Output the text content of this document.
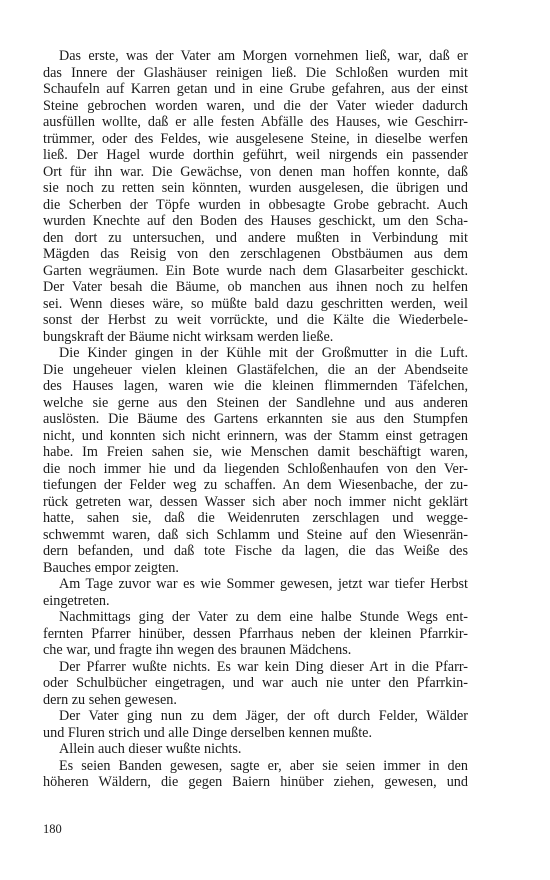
Das erste, was der Vater am Morgen vornehmen ließ, war, daß er
das Innere der Glashäuser reinigen ließ. Die Schloßen wurden mit
Schaufeln auf Karren getan und in eine Grube gefahren, aus der einst
Steine gebrochen worden waren, und die der Vater wieder dadurch
ausfüllen wollte, daß er alle festen Abfälle des Hauses, wie Geschirr-
trümmer, oder des Feldes, wie ausgelesene Steine, in dieselbe werfen
ließ. Der Hagel wurde dorthin geführt, weil nirgends ein passender
Ort für ihn war. Die Gewächse, von denen man hoffen konnte, daß
sie noch zu retten sein könnten, wurden ausgelesen, die übrigen und
die Scherben der Töpfe wurden in obbesagte Grobe gebracht. Auch
wurden Knechte auf den Boden des Hauses geschickt, um den Scha-
den dort zu untersuchen, und andere mußten in Verbindung mit
Mägden das Reisig von den zerschlagenen Obstbäumen aus dem
Garten wegräumen. Ein Bote wurde nach dem Glasarbeiter geschickt.
Der Vater besah die Bäume, ob manchen aus ihnen noch zu helfen
sei. Wenn dieses wäre, so müßte bald dazu geschritten werden, weil
sonst der Herbst zu weit vorrückte, und die Kälte die Wiederbele-
bungskraft der Bäume nicht wirksam werden ließe.
Die Kinder gingen in der Kühle mit der Großmutter in die Luft.
Die ungeheuer vielen kleinen Glastäfelchen, die an der Abendseite
des Hauses lagen, waren wie die kleinen flimmernden Täfelchen,
welche sie gerne aus den Steinen der Sandlehne und aus anderen
auslösten. Die Bäume des Gartens erkannten sie aus den Stumpfen
nicht, und konnten sich nicht erinnern, was der Stamm einst getragen
habe. Im Freien sahen sie, wie Menschen damit beschäftigt waren,
die noch immer hie und da liegenden Schloßenhaufen von den Ver-
tiefungen der Felder weg zu schaffen. An dem Wiesenbache, der zu-
rück getreten war, dessen Wasser sich aber noch immer nicht geklärt
hatte, sahen sie, daß die Weidenruten zerschlagen und wegge-
schwemmt waren, daß sich Schlamm und Steine auf den Wiesenrän-
dern befanden, und daß tote Fische da lagen, die das Weiße des
Bauches empor zeigten.
Am Tage zuvor war es wie Sommer gewesen, jetzt war tiefer Herbst
eingetreten.
Nachmittags ging der Vater zu dem eine halbe Stunde Wegs ent-
fernten Pfarrer hinüber, dessen Pfarrhaus neben der kleinen Pfarrkir-
che war, und fragte ihn wegen des braunen Mädchens.
Der Pfarrer wußte nichts. Es war kein Ding dieser Art in die Pfarr-
oder Schulbücher eingetragen, und war auch nie unter den Pfarrkin-
dern zu sehen gewesen.
Der Vater ging nun zu dem Jäger, der oft durch Felder, Wälder
und Fluren strich und alle Dinge derselben kennen mußte.
Allein auch dieser wußte nichts.
Es seien Banden gewesen, sagte er, aber sie seien immer in den
höheren Wäldern, die gegen Baiern hinüber ziehen, gewesen, und
180
